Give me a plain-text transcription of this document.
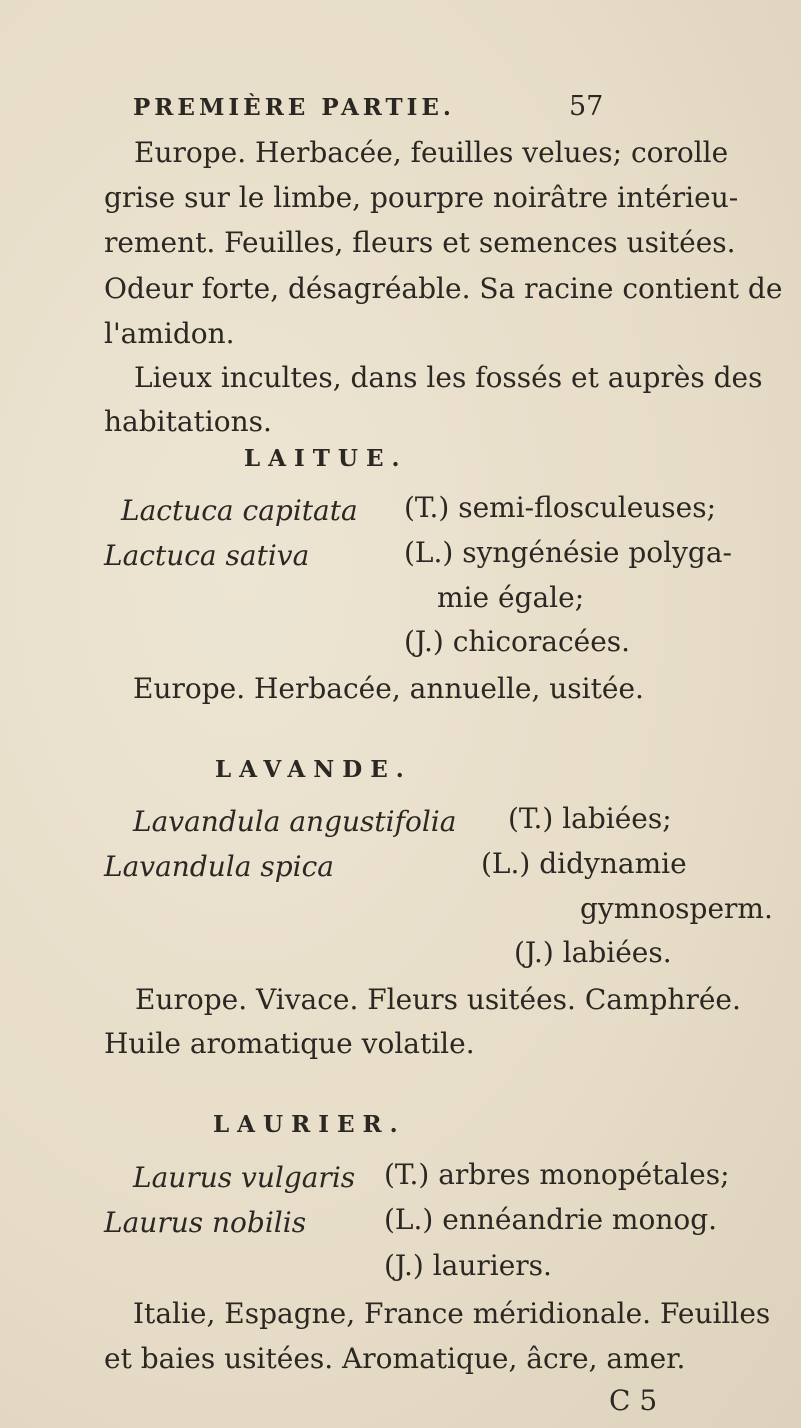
PREMIÈRE PARTIE.	57
Europe. Herbacée, feuilles velues; corolle
grise sur le limbe, pourpre noirâtre intérieu-
rement. Feuilles, fleurs et semences usitées.
Odeur forte, désagréable. Sa racine contient de
l'amidon.
Lieux incultes, dans les fossés et auprès des
habitations.
LAITUE.
Lactuca capitata (T.) semi-flosculeuses;
Lactuca sativa	(L.) syngénésie polyga-
mie égale;
(J.) chicoracées.
Europe. Herbacée, annuelle, usitée.
LAVANDE.
Lavandula angustifolia (T.) labiées;
Lavandula spica	(L.) didynamie
gymnosperm.
(J.) labiées.
Europe. Vivace. Fleurs usitées. Camphrée.
Huile aromatique volatile.
LAURIER.
Laurus vulgaris (T.) arbres monopétales;
Laurus nobilis	(L.) ennéandrie monog.
(J.) lauriers.
Italie, Espagne, France méridionale. Feuilles
et baies usitées. Aromatique, âcre, amer.
C 5
